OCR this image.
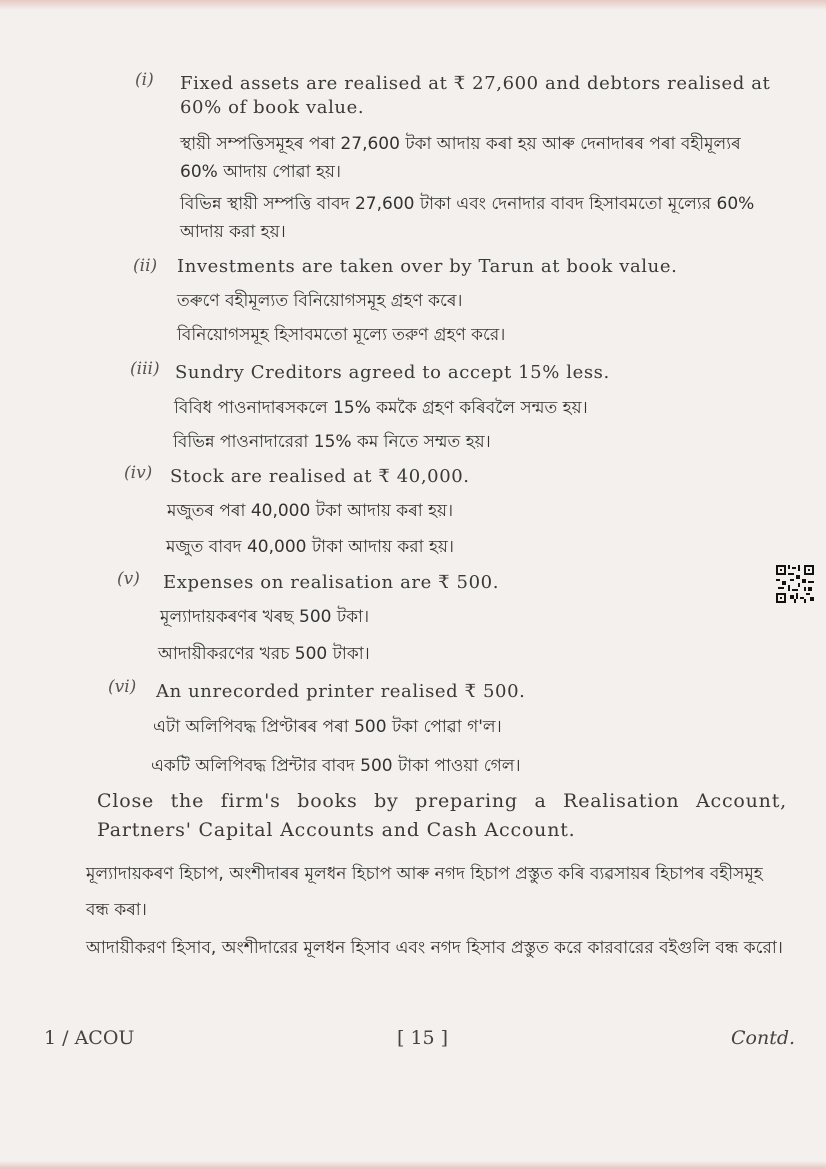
(i) Fixed assets are realised at ₹ 27,600 and debtors realised at
60% of book value.
স্থায়ী সম্পত্তিসমূহৰ পৰা 27,600 টকা আদায় কৰা হয় আৰু দেনাদাৰৰ পৰা বহীমূল্যৰ
60% আদায় পোৱা হয়।
বিভিন্ন স্থায়ী সম্পত্তি বাবদ 27,600 টাকা এবং দেনাদার বাবদ হিসাবমতো মূল্যের 60%
আদায় করা হয়।
(ii) Investments are taken over by Tarun at book value.
তৰুণে বহীমূল্যত বিনিয়োগসমূহ গ্ৰহণ কৰে।
বিনিয়োগসমূহ হিসাবমতো মূল্যে তরুণ গ্রহণ করে।
(iii) Sundry Creditors agreed to accept 15% less.
বিবিধ পাওনাদাৰসকলে 15% কমকৈ গ্ৰহণ কৰিবলৈ সন্মত হয়।
বিভিন্ন পাওনাদারেরা 15% কম নিতে সম্মত হয়।
(iv) Stock are realised at ₹ 40,000.
মজুতৰ পৰা 40,000 টকা আদায় কৰা হয়।
মজুত বাবদ 40,000 টাকা আদায় করা হয়।
(v) Expenses on realisation are ₹ 500.
মূল্যাদায়কৰণৰ খৰছ 500 টকা।
আদায়ীকরণের খরচ 500 টাকা।
(vi) An unrecorded printer realised ₹ 500.
এটা অলিপিবদ্ধ প্ৰিণ্টাৰৰ পৰা 500 টকা পোৱা গ'ল।
একটি অলিপিবদ্ধ প্রিন্টার বাবদ 500 টাকা পাওয়া গেল।
Close the firm's books by preparing a Realisation Account, Partners' Capital Accounts and Cash Account.
মূল্যাদায়কৰণ হিচাপ, অংশীদাৰৰ মূলধন হিচাপ আৰু নগদ হিচাপ প্ৰস্তুত কৰি ব্যৱসায়ৰ হিচাপৰ বহীসমূহ বন্ধ কৰা।
আদায়ীকরণ হিসাব, অংশীদারের মূলধন হিসাব এবং নগদ হিসাব প্রস্তুত করে কারবারের বইগুলি বন্ধ করো।
1 / ACOU	[ 15 ]	Contd.
